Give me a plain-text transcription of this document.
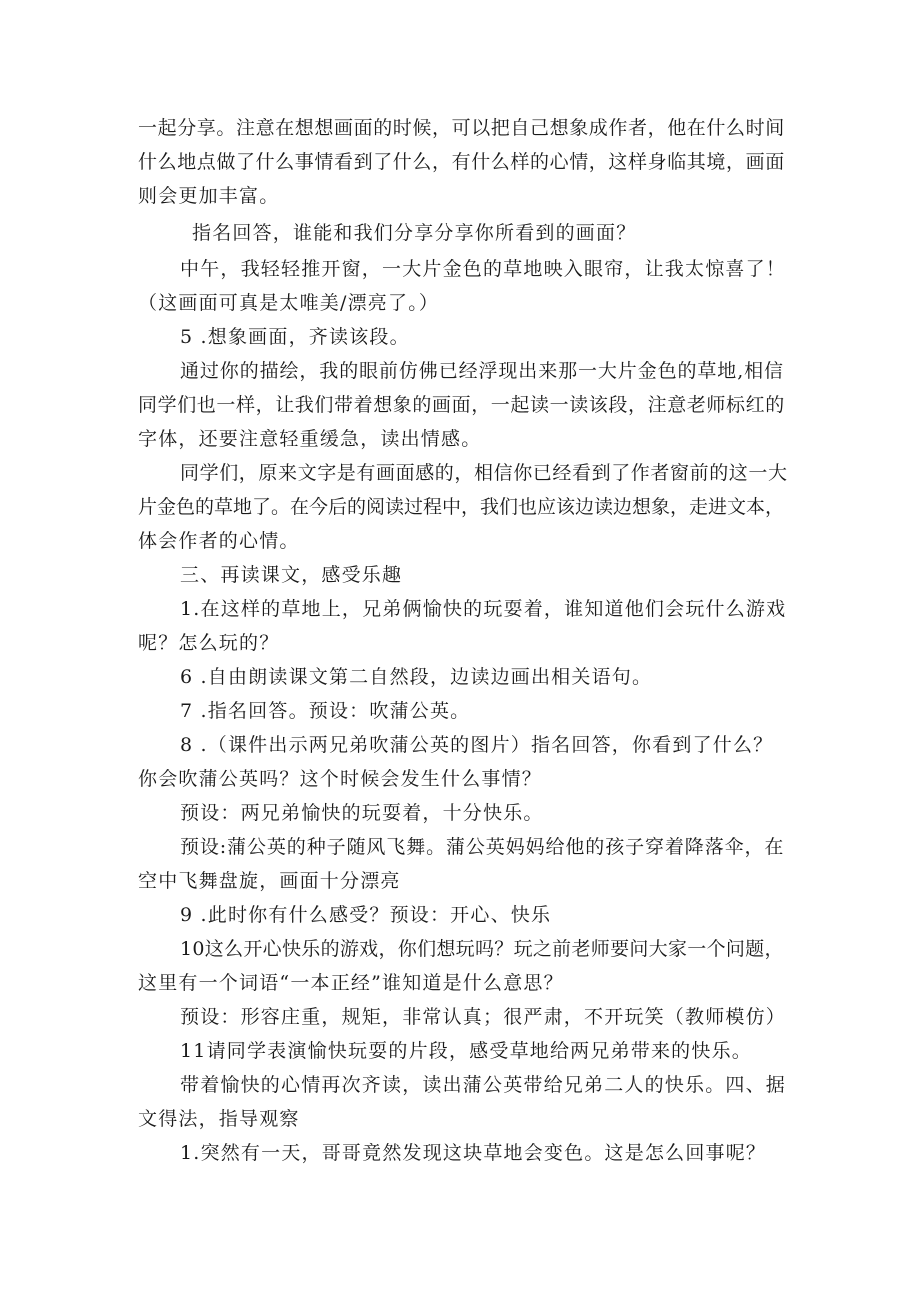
一起分享。注意在想想画面的时候，可以把自己想象成作者，他在什么时间
什么地点做了什么事情看到了什么，有什么样的心情，这样身临其境，画面
则会更加丰富。
指名回答，谁能和我们分享分享你所看到的画面？
中午，我轻轻推开窗，一大片金色的草地映入眼帘，让我太惊喜了！
（这画面可真是太唯美/漂亮了。）
5 .想象画面，齐读该段。
通过你的描绘，我的眼前仿佛已经浮现出来那一大片金色的草地,相信
同学们也一样，让我们带着想象的画面，一起读一读该段，注意老师标红的
字体，还要注意轻重缓急，读出情感。
同学们，原来文字是有画面感的，相信你已经看到了作者窗前的这一大
片金色的草地了。在今后的阅读过程中，我们也应该边读边想象，走进文本，
体会作者的心情。
三、再读课文，感受乐趣
1.在这样的草地上，兄弟俩愉快的玩耍着，谁知道他们会玩什么游戏
呢？怎么玩的？
6 .自由朗读课文第二自然段，边读边画出相关语句。
7 .指名回答。预设：吹蒲公英。
8 .（课件出示两兄弟吹蒲公英的图片）指名回答，你看到了什么？
你会吹蒲公英吗？这个时候会发生什么事情？
预设：两兄弟愉快的玩耍着，十分快乐。
预设:蒲公英的种子随风飞舞。蒲公英妈妈给他的孩子穿着降落伞，在
空中飞舞盘旋，画面十分漂亮
9 .此时你有什么感受？预设：开心、快乐
10这么开心快乐的游戏，你们想玩吗？玩之前老师要问大家一个问题，
这里有一个词语“一本正经”谁知道是什么意思？
预设：形容庄重，规矩，非常认真；很严肃，不开玩笑（教师模仿）
11请同学表演愉快玩耍的片段，感受草地给两兄弟带来的快乐。
带着愉快的心情再次齐读，读出蒲公英带给兄弟二人的快乐。四、据
文得法，指导观察
1.突然有一天，哥哥竟然发现这块草地会变色。这是怎么回事呢？
